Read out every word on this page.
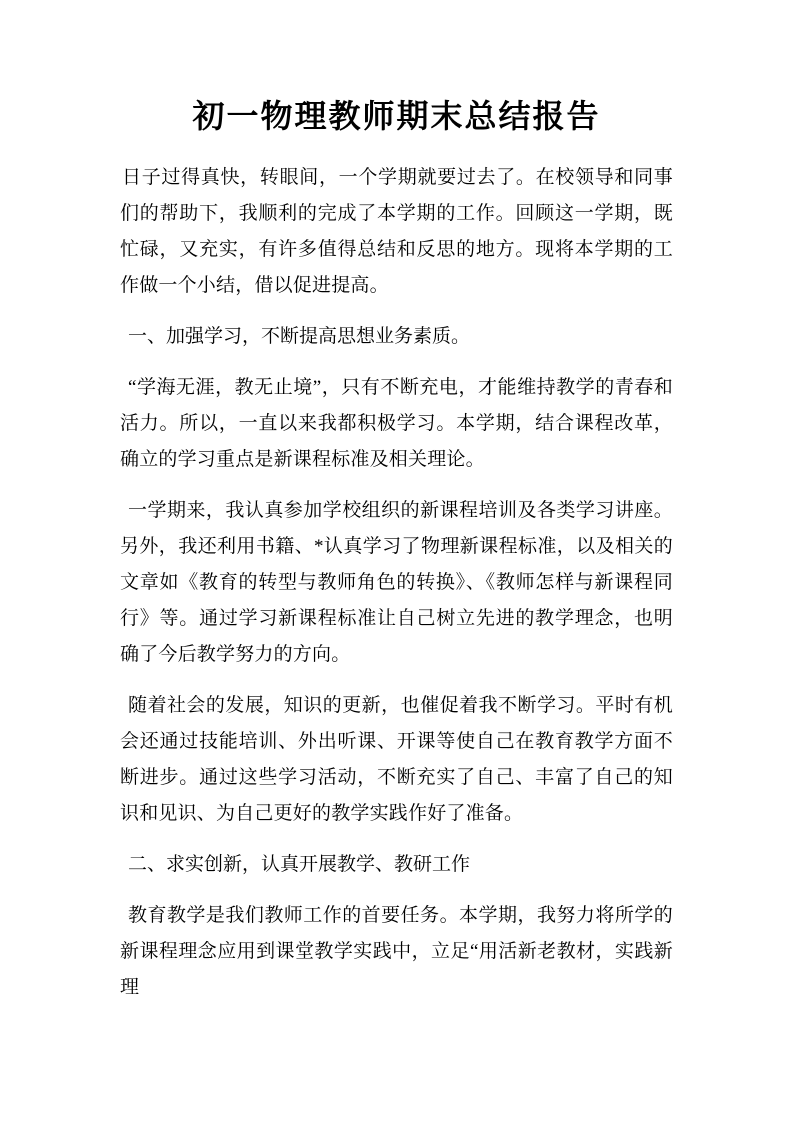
初一物理教师期末总结报告

日子过得真快，转眼间，一个学期就要过去了。在校领导和同事们的帮助下，我顺利的完成了本学期的工作。回顾这一学期，既忙碌，又充实，有许多值得总结和反思的地方。现将本学期的工作做一个小结，借以促进提高。

一、加强学习，不断提高思想业务素质。

“学海无涯，教无止境”，只有不断充电，才能维持教学的青春和活力。所以，一直以来我都积极学习。本学期，结合课程改革，确立的学习重点是新课程标准及相关理论。

一学期来，我认真参加学校组织的新课程培训及各类学习讲座。另外，我还利用书籍、*认真学习了物理新课程标准，以及相关的文章如《教育的转型与教师角色的转换》、《教师怎样与新课程同行》等。通过学习新课程标准让自己树立先进的教学理念，也明确了今后教学努力的方向。

随着社会的发展，知识的更新，也催促着我不断学习。平时有机会还通过技能培训、外出听课、开课等使自己在教育教学方面不断进步。通过这些学习活动，不断充实了自己、丰富了自己的知识和见识、为自己更好的教学实践作好了准备。

二、求实创新，认真开展教学、教研工作

教育教学是我们教师工作的首要任务。本学期，我努力将所学的新课程理念应用到课堂教学实践中，立足“用活新老教材，实践新理
